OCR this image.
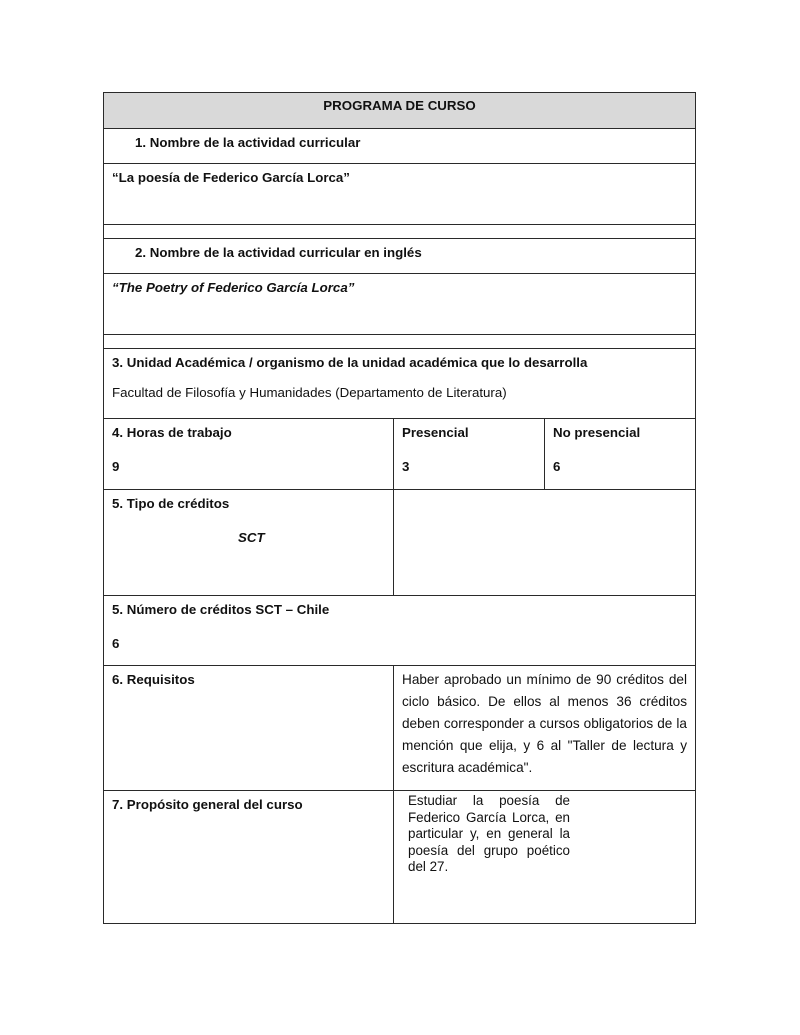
PROGRAMA DE CURSO
1. Nombre de la actividad curricular
“La poesía de Federico García Lorca”
2. Nombre de la actividad curricular en inglés
“The Poetry of Federico García Lorca”
3. Unidad Académica / organismo de la unidad académica que lo desarrolla
Facultad de Filosofía y Humanidades (Departamento de Literatura)
4. Horas de trabajo
9
Presencial
3
No presencial
6
5. Tipo de créditos
SCT
5. Número de créditos SCT – Chile
6
6. Requisitos	Haber aprobado un mínimo de 90 créditos del ciclo básico. De ellos al menos 36 créditos deben corresponder a cursos obligatorios de la mención que elija, y 6 al "Taller de lectura y escritura académica".
7. Propósito general del curso	Estudiar la poesía de Federico García Lorca, en particular y, en general la poesía del grupo poético del 27.
